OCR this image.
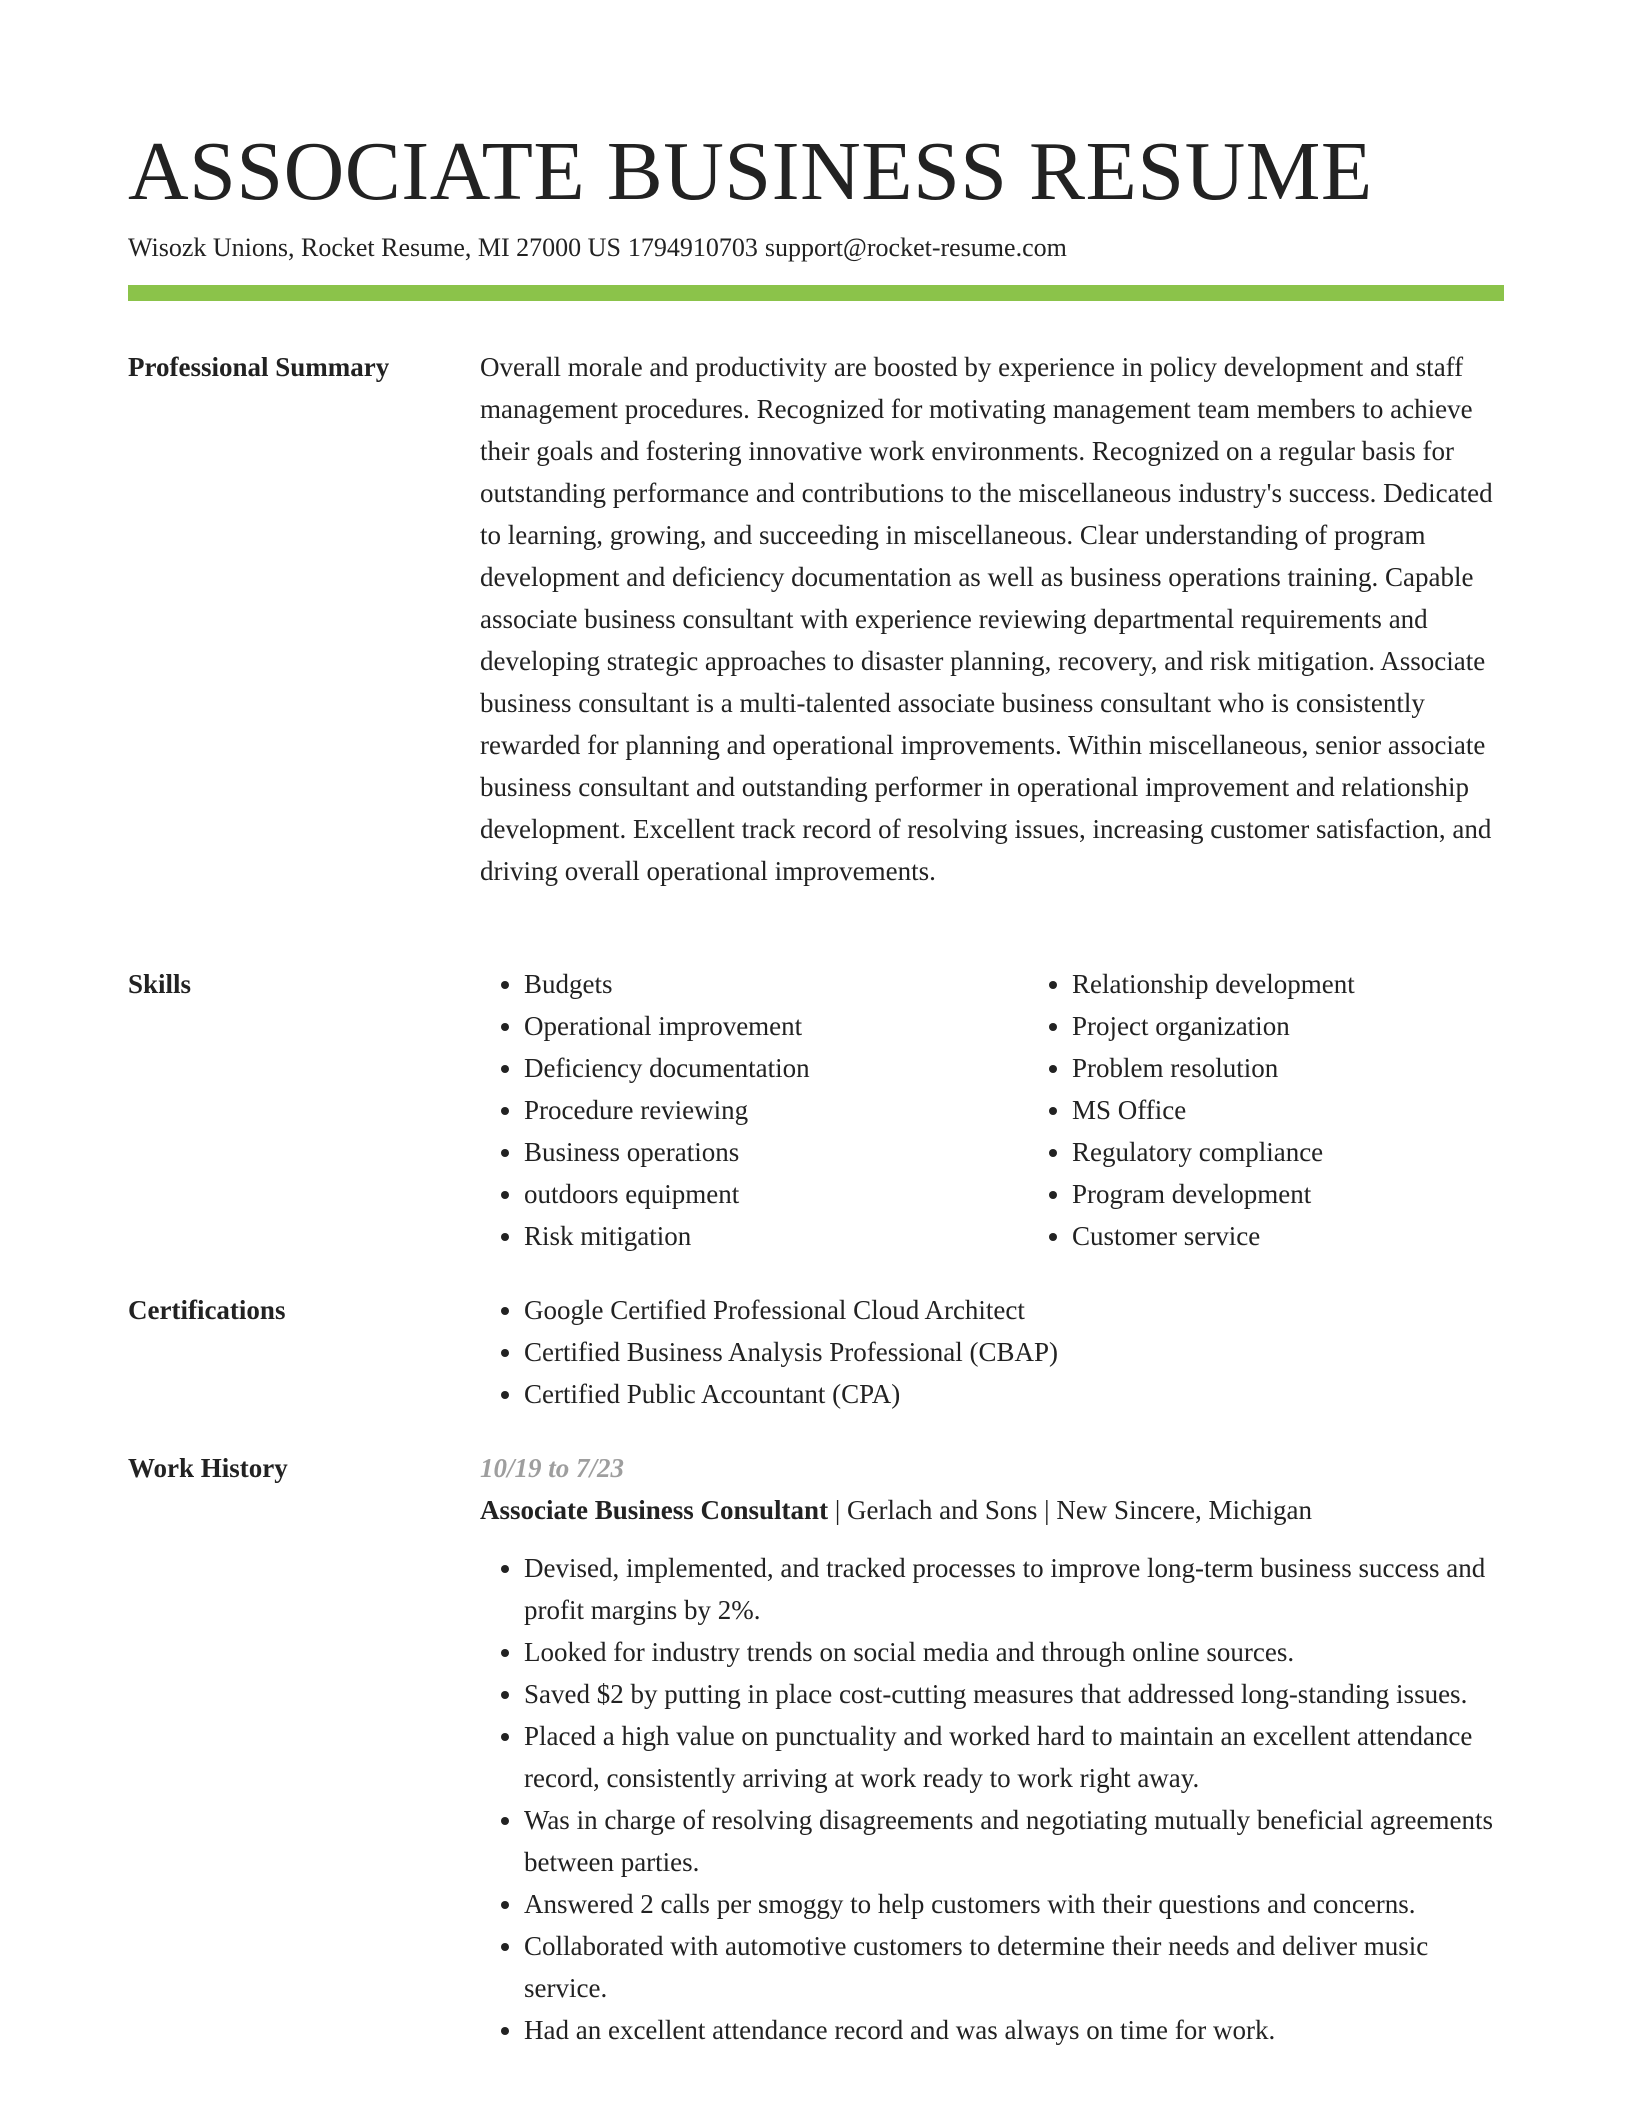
ASSOCIATE BUSINESS RESUME
Wisozk Unions, Rocket Resume, MI 27000 US 1794910703 support@rocket-resume.com
Professional Summary	Overall morale and productivity are boosted by experience in policy development and staff management procedures. Recognized for motivating management team members to achieve their goals and fostering innovative work environments. Recognized on a regular basis for outstanding performance and contributions to the miscellaneous industry's success. Dedicated to learning, growing, and succeeding in miscellaneous. Clear understanding of program development and deficiency documentation as well as business operations training. Capable associate business consultant with experience reviewing departmental requirements and developing strategic approaches to disaster planning, recovery, and risk mitigation. Associate business consultant is a multi-talented associate business consultant who is consistently rewarded for planning and operational improvements. Within miscellaneous, senior associate business consultant and outstanding performer in operational improvement and relationship development. Excellent track record of resolving issues, increasing customer satisfaction, and driving overall operational improvements.

Skills	• Budgets
• Operational improvement
• Deficiency documentation
• Procedure reviewing
• Business operations
• outdoors equipment
• Risk mitigation
• Relationship development
• Project organization
• Problem resolution
• MS Office
• Regulatory compliance
• Program development
• Customer service
Certifications	• Google Certified Professional Cloud Architect
• Certified Business Analysis Professional (CBAP)
• Certified Public Accountant (CPA)
Work History	10/19 to 7/23
Associate Business Consultant | Gerlach and Sons | New Sincere, Michigan
• Devised, implemented, and tracked processes to improve long-term business success and profit margins by 2%.
• Looked for industry trends on social media and through online sources.
• Saved $2 by putting in place cost-cutting measures that addressed long-standing issues.
• Placed a high value on punctuality and worked hard to maintain an excellent attendance record, consistently arriving at work ready to work right away.
• Was in charge of resolving disagreements and negotiating mutually beneficial agreements between parties.
• Answered 2 calls per smoggy to help customers with their questions and concerns.
• Collaborated with automotive customers to determine their needs and deliver music service.
• Had an excellent attendance record and was always on time for work.
